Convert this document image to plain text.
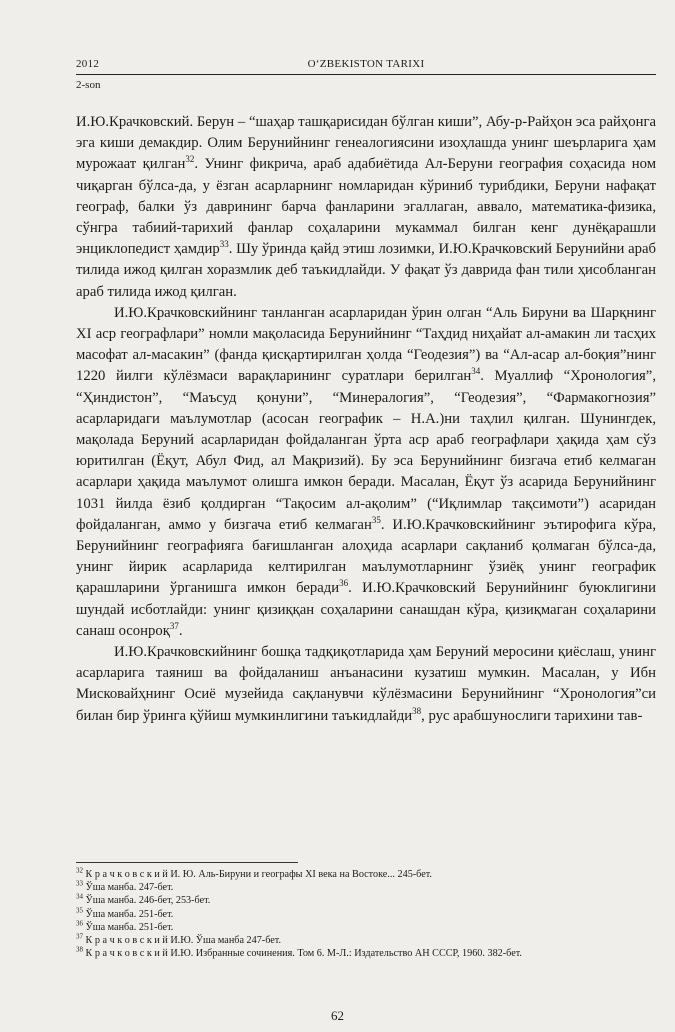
2012	O‘ZBEKISTON TARIXI
2-son

И.Ю.Крачковский. Берун – “шаҳар ташқарисидан бўлган киши”, Абу-р-Райҳон эса райҳонга эга киши демакдир. Олим Берунийнинг генеалогиясини изоҳлашда унинг шеърларига ҳам мурожаат қилган$^{32}$. Унинг фикрича, араб адабиётида Ал-Беруни география соҳасида ном чиқарган бўлса-да, у ёзган асарларнинг номларидан кўриниб турибдики, Беруни нафақат географ, балки ўз даврининг барча фанларини эгаллаган, аввало, математика-физика, сўнгра табиий-тарихий фанлар соҳаларини мукаммал билган кенг дунёқарашли энциклопедист ҳамдир$^{33}$. Шу ўринда қайд этиш лозимки, И.Ю.Крачковский Берунийни араб тилида ижод қилган хоразмлик деб таъкидлайди. У фақат ўз даврида фан тили ҳисобланган араб тилида ижод қилган.

И.Ю.Крачковскийнинг танланган асарларидан ўрин олган “Аль Бируни ва Шарқнинг XI аср географлари” номли мақоласида Берунийнинг “Таҳдид ниҳайат ал-амакин ли тасҳих масофат ал-масакин” (фанда қисқартирилган ҳолда “Геодезия”) ва “Ал-асар ал-боқия”нинг 1220 йилги кўлёзмаси варақларининг суратлари берилган$^{34}$. Муаллиф “Хронология”, “Ҳиндистон”, “Маъсуд қонуни”, “Минералогия”, “Геодезия”, “Фармакогнозия” асарларидаги маълумотлар (асосан географик – Н.А.)ни таҳлил қилган. Шунингдек, мақолада Беруний асарларидан фойдаланган ўрта аср араб географлари ҳақида ҳам сўз юритилган (Ёқут, Абул Фид, ал Мақризий). Бу эса Берунийнинг бизгача етиб келмаган асарлари ҳақида маълумот олишга имкон беради. Масалан, Ёқут ўз асарида Берунийнинг 1031 йилда ёзиб қолдирган “Тақосим ал-ақолим” (“Иқлимлар тақсимоти”) асаридан фойдаланган, аммо у бизгача етиб келмаган$^{35}$. И.Ю.Крачковскийнинг эътирофига кўра, Берунийнинг географияга бағишланган алоҳида асарлари сақланиб қолмаган бўлса-да, унинг йирик асарларида келтирилган маълумотларнинг ўзиёқ унинг географик қарашларини ўрганишга имкон беради$^{36}$. И.Ю.Крачковский Берунийнинг буюклигини шундай исботлайди: унинг қизиққан соҳаларини санашдан кўра, қизиқмаган соҳаларини санаш осонроқ$^{37}$.

И.Ю.Крачковскийнинг бошқа тадқиқотларида ҳам Беруний меросини қиёслаш, унинг асарларига таяниш ва фойдаланиш анъанасини кузатиш мумкин. Масалан, у Ибн Мисковайҳнинг Осиё музейида сақланувчи кўлёзмасини Берунийнинг “Хронология”си билан бир ўринга қўйиш мумкинлигини таъкидлайди$^{38}$, рус арабшунослиги тарихини тав-

$^{32}$ К р а ч к о в с к и й И. Ю. Аль-Бируни и географы XI века на Востоке... 245-бет.
$^{33}$ Ўша манба. 247-бет.
$^{34}$ Ўша манба. 246-бет, 253-бет.
$^{35}$ Ўша манба. 251-бет.
$^{36}$ Ўша манба. 251-бет.
$^{37}$ К р а ч к о в с к и й И.Ю. Ўша манба 247-бет.
$^{38}$ К р а ч к о в с к и й И.Ю. Избранные сочинения. Том 6. М-Л.: Издательство АН СССР, 1960. 382-бет.
62
